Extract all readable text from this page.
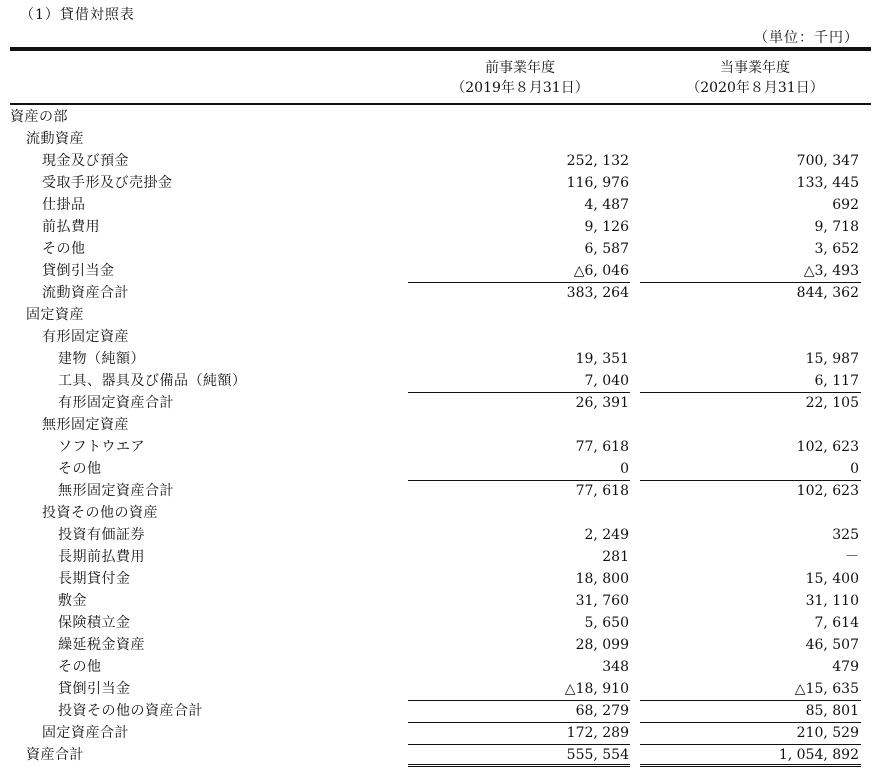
（1）貸借対照表
（単位：千円）
前事業年度
（2019年８月31日）
当事業年度
（2020年８月31日）
資産の部
流動資産
現金及び預金	252, 132	700, 347
受取手形及び売掛金	116, 976	133, 445
仕掛品	4, 487	692
前払費用	9, 126	9, 718
その他	6, 587	3, 652
貸倒引当金	△6, 046	△3, 493
流動資産合計	383, 264	844, 362
固定資産
有形固定資産
建物（純額）	19, 351	15, 987
工具、器具及び備品（純額）	7, 040	6, 117
有形固定資産合計	26, 391	22, 105
無形固定資産
ソフトウエア	77, 618	102, 623
その他	0	0
無形固定資産合計	77, 618	102, 623
投資その他の資産
投資有価証券	2, 249	325
長期前払費用	281	－
長期貸付金	18, 800	15, 400
敷金	31, 760	31, 110
保険積立金	5, 650	7, 614
繰延税金資産	28, 099	46, 507
その他	348	479
貸倒引当金	△18, 910	△15, 635
投資その他の資産合計	68, 279	85, 801
固定資産合計	172, 289	210, 529
資産合計	555, 554	1, 054, 892
